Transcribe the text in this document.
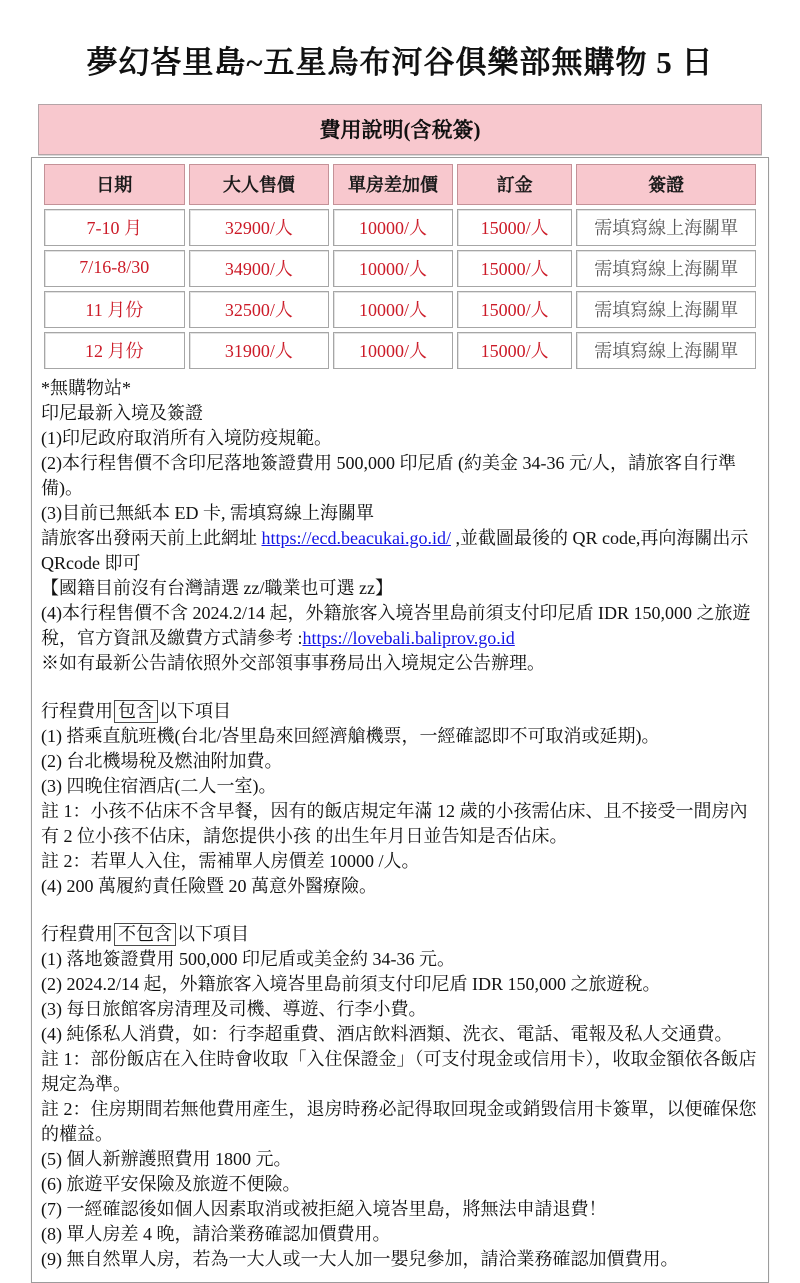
夢幻峇里島~五星烏布河谷俱樂部無購物 5 日
費用說明(含稅簽)
日期	大人售價	單房差加價	訂金	簽證
7-10 月	32900/人	10000/人	15000/人	需填寫線上海關單
7/16-8/30	34900/人	10000/人	15000/人	需填寫線上海關單
11 月份	32500/人	10000/人	15000/人	需填寫線上海關單
12 月份	31900/人	10000/人	15000/人	需填寫線上海關單

*無購物站*

印尼最新入境及簽證

(1)印尼政府取消所有入境防疫規範。

(2)本行程售價不含印尼落地簽證費用 500,000 印尼盾 (約美金 34-36 元/人，請旅客自行準備)。

(3)目前已無紙本 ED 卡, 需填寫線上海關單

請旅客出發兩天前上此網址 https://ecd.beacukai.go.id/ ,並截圖最後的 QR code,再向海關出示 QRcode 即可

【國籍目前沒有台灣請選 zz/職業也可選 zz】

(4)本行程售價不含 2024.2/14 起，外籍旅客入境峇里島前須支付印尼盾 IDR 150,000 之旅遊稅，官方資訊及繳費方式請參考 :https://lovebali.baliprov.go.id

※如有最新公告請依照外交部領事事務局出入境規定公告辦理。

行程費用 包含 以下項目

(1) 搭乘直航班機(台北/峇里島來回經濟艙機票，一經確認即不可取消或延期)。

(2) 台北機場稅及燃油附加費。

(3) 四晚住宿酒店(二人一室)。

註 1：小孩不佔床不含早餐，因有的飯店規定年滿 12 歲的小孩需佔床、且不接受一間房內有 2 位小孩不佔床，請您提供小孩 的出生年月日並告知是否佔床。

註 2：若單人入住，需補單人房價差 10000 /人。

(4) 200 萬履約責任險暨 20 萬意外醫療險。

行程費用 不包含 以下項目

(1) 落地簽證費用 500,000 印尼盾或美金約 34-36 元。

(2) 2024.2/14 起，外籍旅客入境峇里島前須支付印尼盾 IDR 150,000 之旅遊稅。

(3) 每日旅館客房清理及司機、導遊、行李小費。

(4) 純係私人消費，如：行李超重費、酒店飲料酒類、洗衣、電話、電報及私人交通費。

註 1：部份飯店在入住時會收取「入住保證金」（可支付現金或信用卡），收取金額依各飯店規定為準。

註 2：住房期間若無他費用產生，退房時務必記得取回現金或銷毀信用卡簽單，以便確保您的權益。

(5) 個人新辦護照費用 1800 元。

(6) 旅遊平安保險及旅遊不便險。

(7) 一經確認後如個人因素取消或被拒絕入境峇里島，將無法申請退費！

(8) 單人房差 4 晚，請洽業務確認加價費用。

(9) 無自然單人房，若為一大人或一大人加一嬰兒參加，請洽業務確認加價費用。
